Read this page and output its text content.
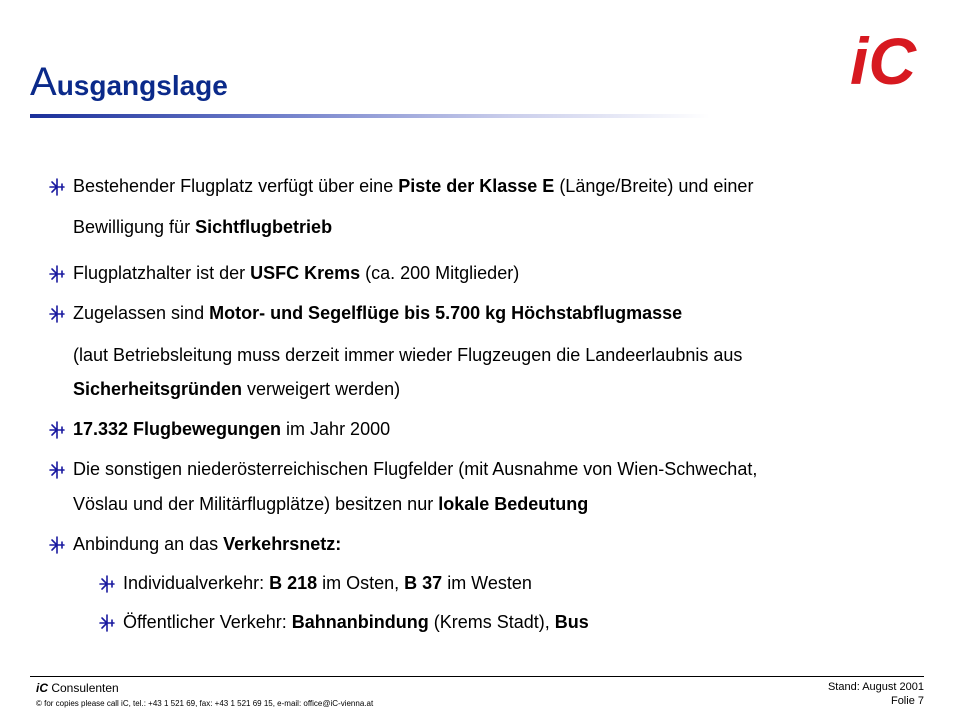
Ausgangslage	iC
Bestehender Flugplatz verfügt über eine Piste der Klasse E (Länge/Breite) und einer
Bewilligung für Sichtflugbetrieb
Flugplatzhalter ist der USFC Krems (ca. 200 Mitglieder)
Zugelassen sind Motor- und Segelflüge bis 5.700 kg Höchstabflugmasse
(laut Betriebsleitung muss derzeit immer wieder Flugzeugen die Landeerlaubnis aus
Sicherheitsgründen verweigert werden)
17.332 Flugbewegungen im Jahr 2000
Die sonstigen niederösterreichischen Flugfelder (mit Ausnahme von Wien-Schwechat,
Vöslau und der Militärflugplätze) besitzen nur lokale Bedeutung
Anbindung an das Verkehrsnetz:
Individualverkehr: B 218 im Osten, B 37 im Westen
Öffentlicher Verkehr: Bahnanbindung (Krems Stadt), Bus
iC Consulenten
© for copies please call iC, tel.: +43 1 521 69, fax: +43 1 521 69 15, e-mail: office@iC-vienna.at
Stand: August 2001
Folie 7
